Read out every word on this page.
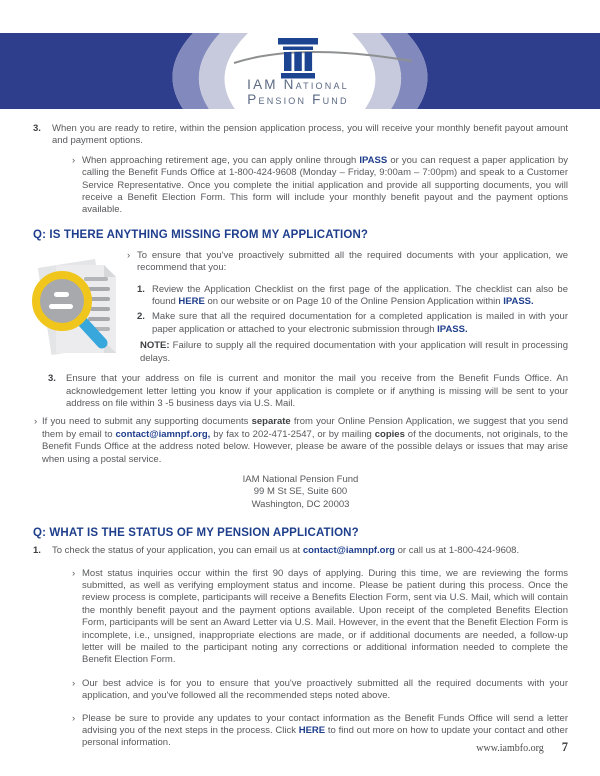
IAM National
Pension Fund
3.	When you are ready to retire, within the pension application process, you will receive your monthly benefit payout amount and payment options.
› When approaching retirement age, you can apply online through IPASS or you can request a paper application by calling the Benefit Funds Office at 1-800-424-9608 (Monday – Friday, 9:00am – 7:00pm) and speak to a Customer Service Representative. Once you complete the initial application and provide all supporting documents, you will receive a Benefit Election Form. This form will include your monthly benefit payout and the payment options available.
Q: IS THERE ANYTHING MISSING FROM MY APPLICATION?
› To ensure that you've proactively submitted all the required documents with your application, we recommend that you:
1. Review the Application Checklist on the first page of the application. The checklist can also be found HERE on our website or on Page 10 of the Online Pension Application within IPASS.
2. Make sure that all the required documentation for a completed application is mailed in with your paper application or attached to your electronic submission through IPASS.
NOTE: Failure to supply all the required documentation with your application will result in processing delays.
3.	Ensure that your address on file is current and monitor the mail you receive from the Benefit Funds Office. An acknowledgement letter letting you know if your application is complete or if anything is missing will be sent to your address on file within 3 -5 business days via U.S. Mail.
› If you need to submit any supporting documents separate from your Online Pension Application, we suggest that you send them by email to contact@iamnpf.org, by fax to 202-471-2547, or by mailing copies of the documents, not originals, to the Benefit Funds Office at the address noted below. However, please be aware of the possible delays or issues that may arise when using a postal service.
IAM National Pension Fund
99 M St SE, Suite 600
Washington, DC 20003
Q: WHAT IS THE STATUS OF MY PENSION APPLICATION?
1.	To check the status of your application, you can email us at contact@iamnpf.org or call us at 1-800-424-9608.
› Most status inquiries occur within the first 90 days of applying. During this time, we are reviewing the forms submitted, as well as verifying employment status and income. Please be patient during this process. Once the review process is complete, participants will receive a Benefits Election Form, sent via U.S. Mail, which will contain the monthly benefit payout and the payment options available. Upon receipt of the completed Benefits Election Form, participants will be sent an Award Letter via U.S. Mail. However, in the event that the Benefit Election Form is incomplete, i.e., unsigned, inappropriate elections are made, or if additional documents are needed, a follow-up letter will be mailed to the participant noting any corrections or additional information needed to complete the Benefit Election Form.
› Our best advice is for you to ensure that you've proactively submitted all the required documents with your application, and you've followed all the recommended steps noted above.
› Please be sure to provide any updates to your contact information as the Benefit Funds Office will send a letter advising you of the next steps in the process. Click HERE to find out more on how to update your contact and other personal information.
www.iambfo.org 7
